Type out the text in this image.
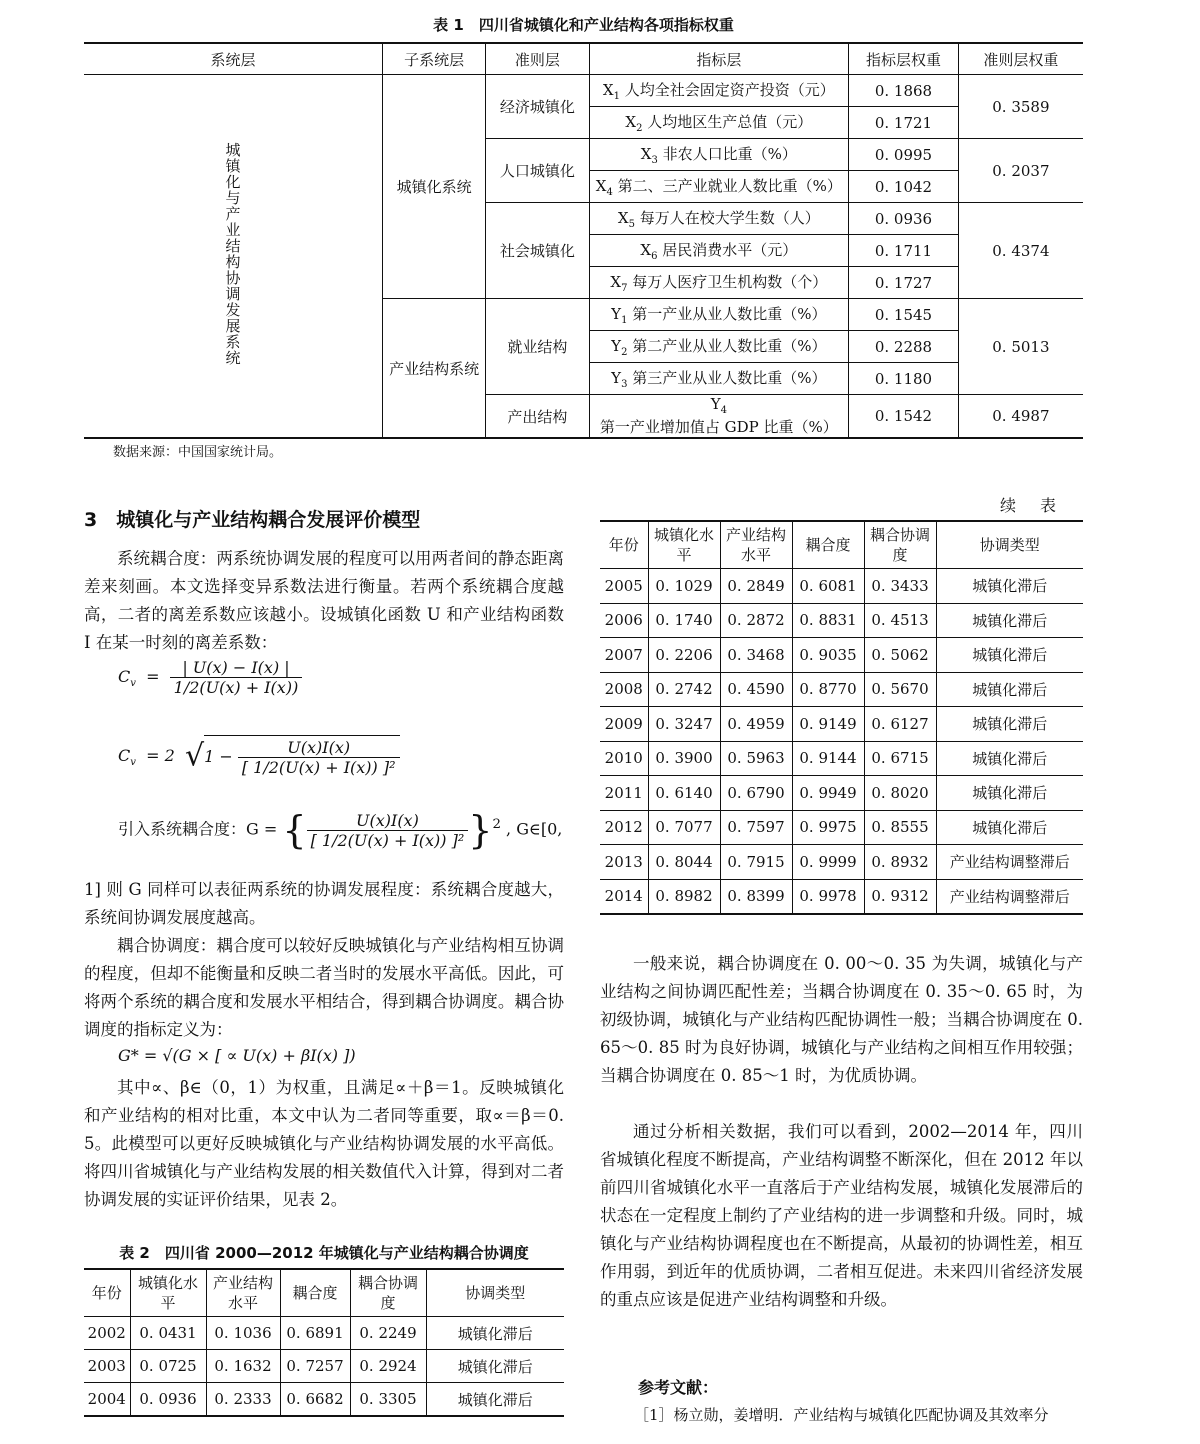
表 1　四川省城镇化和产业结构各项指标权重
系统层	子系统层	准则层	指标层	指标层权重	准则层权重
城镇化与产业结构协调发展系统	城镇化系统	经济城镇化	$X_1$ 人均全社会固定资产投资（元）	0. 1868	0. 3589
			$X_2$ 人均地区生产总值（元）	0. 1721	
		人口城镇化	$X_3$ 非农人口比重（%）	0. 0995	0. 2037
			$X_4$ 第二、三产业就业人数比重（%）	0. 1042	
		社会城镇化	$X_5$ 每万人在校大学生数（人）	0. 0936	0. 4374
			$X_6$ 居民消费水平（元）	0. 1711	
			$X_7$ 每万人医疗卫生机构数（个）	0. 1727	
	产业结构系统	就业结构	$Y_1$ 第一产业从业人数比重（%）	0. 1545	0. 5013
			$Y_2$ 第二产业从业人数比重（%）	0. 2288	
			$Y_3$ 第三产业从业人数比重（%）	0. 1180	
		产出结构	$Y_4$ 第一产业增加值占 GDP 比重（%）	0. 1542	0. 4987
数据来源：中国国家统计局。
3　城镇化与产业结构耦合发展评价模型

系统耦合度：两系统协调发展的程度可以用两者间的静态距离差来刻画。本文选择变异系数法进行衡量。若两个系统耦合度越高，二者的离差系数应该越小。设城镇化函数 U 和产业结构函数 I 在某一时刻的离差系数：

$C_v = \frac{| U(x) - I(x) |}{1/2(U(x) + I(x))}$
$C_v = 2$  $√1 - \frac{U(x)I(x)}{\text{[ 1/2(U(x) + I(x)) ]²}}$
引入系统耦合度：G = { $\frac{U(x)I(x)}{\text{[ 1/2(U(x) + I(x)) ]²}} \}^2$ , G∈[0,

1] 则 G 同样可以表征两系统的协调发展程度：系统耦合度越大，系统间协调发展度越高。

耦合协调度：耦合度可以较好反映城镇化与产业结构相互协调的程度，但却不能衡量和反映二者当时的发展水平高低。因此，可将两个系统的耦合度和发展水平相结合，得到耦合协调度。耦合协调度的指标定义为：

G* = √(G × [ ∝ U(x) + βI(x) ])

其中∝、β∈（0，1）为权重，且满足∝＋β＝1。反映城镇化和产业结构的相对比重，本文中认为二者同等重要，取∝＝β＝0. 5。此模型可以更好反映城镇化与产业结构协调发展的水平高低。将四川省城镇化与产业结构发展的相关数值代入计算，得到对二者协调发展的实证评价结果，见表 2。

表 2　四川省 2000—2012 年城镇化与产业结构耦合协调度
年份	城镇化水平	产业结构水平	耦合度	耦合协调度	协调类型
2002	0. 0431	0. 1036	0. 6891	0. 2249	城镇化滞后
2003	0. 0725	0. 1632	0. 7257	0. 2924	城镇化滞后
2004	0. 0936	0. 2333	0. 6682	0. 3305	城镇化滞后
续　表
年份	城镇化水平	产业结构水平	耦合度	耦合协调度	协调类型
2005	0. 1029	0. 2849	0. 6081	0. 3433	城镇化滞后
2006	0. 1740	0. 2872	0. 8831	0. 4513	城镇化滞后
2007	0. 2206	0. 3468	0. 9035	0. 5062	城镇化滞后
2008	0. 2742	0. 4590	0. 8770	0. 5670	城镇化滞后
2009	0. 3247	0. 4959	0. 9149	0. 6127	城镇化滞后
2010	0. 3900	0. 5963	0. 9144	0. 6715	城镇化滞后
2011	0. 6140	0. 6790	0. 9949	0. 8020	城镇化滞后
2012	0. 7077	0. 7597	0. 9975	0. 8555	城镇化滞后
2013	0. 8044	0. 7915	0. 9999	0. 8932	产业结构调整滞后
2014	0. 8982	0. 8399	0. 9978	0. 9312	产业结构调整滞后

一般来说，耦合协调度在 0. 00～0. 35 为失调，城镇化与产业结构之间协调匹配性差；当耦合协调度在 0. 35～0. 65 时，为初级协调，城镇化与产业结构匹配协调性一般；当耦合协调度在 0. 65～0. 85 时为良好协调，城镇化与产业结构之间相互作用较强；当耦合协调度在 0. 85～1 时，为优质协调。

通过分析相关数据，我们可以看到，2002—2014 年，四川省城镇化程度不断提高，产业结构调整不断深化，但在 2012 年以前四川省城镇化水平一直落后于产业结构发展，城镇化发展滞后的状态在一定程度上制约了产业结构的进一步调整和升级。同时，城镇化与产业结构协调程度也在不断提高，从最初的协调性差，相互作用弱，到近年的优质协调，二者相互促进。未来四川省经济发展的重点应该是促进产业结构调整和升级。

参考文献：
［1］杨立勋，姜增明．产业结构与城镇化匹配协调及其效率分
